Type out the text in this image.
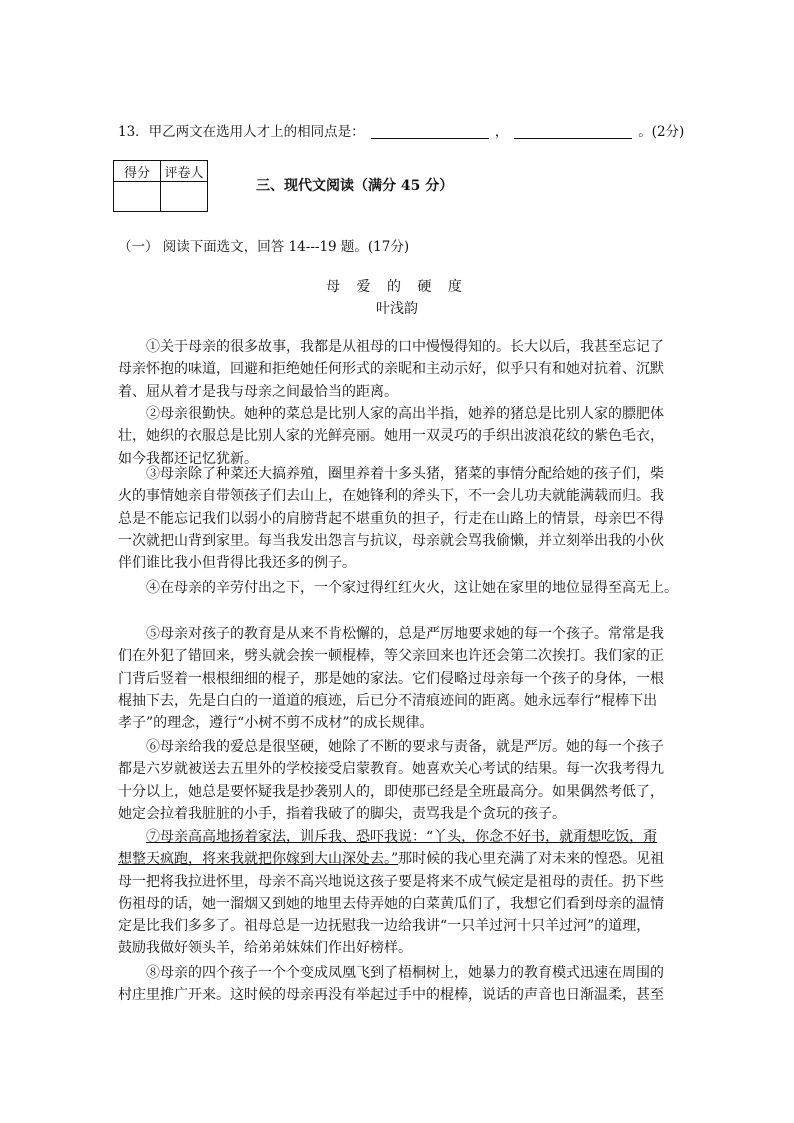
13．甲乙两文在选用人才上的相同点是：	，	。(2分)
得分	评卷人

三、现代文阅读（满分 45 分）
（一） 阅读下面选文，回答 14---19 题。(17分)
母 爱 的 硬 度
叶浅韵
①关于母亲的很多故事，我都是从祖母的口中慢慢得知的。长大以后，我甚至忘记了
母亲怀抱的味道，回避和拒绝她任何形式的亲昵和主动示好，似乎只有和她对抗着、沉默
着、屈从着才是我与母亲之间最恰当的距离。
②母亲很勤快。她种的菜总是比别人家的高出半指，她养的猪总是比别人家的膘肥体
壮，她织的衣服总是比别人家的光鲜亮丽。她用一双灵巧的手织出波浪花纹的紫色毛衣，
如今我都还记忆犹新。
③母亲除了种菜还大搞养殖，圈里养着十多头猪，猪菜的事情分配给她的孩子们，柴
火的事情她亲自带领孩子们去山上，在她锋利的斧头下，不一会儿功夫就能满载而归。我
总是不能忘记我们以弱小的肩膀背起不堪重负的担子，行走在山路上的情景，母亲巴不得
一次就把山背到家里。每当我发出怨言与抗议，母亲就会骂我偷懒，并立刻举出我的小伙
伴们谁比我小但背得比我还多的例子。
④在母亲的辛劳付出之下，一个家过得红红火火，这让她在家里的地位显得至高无上。
⑤母亲对孩子的教育是从来不肯松懈的，总是严厉地要求她的每一个孩子。常常是我
们在外犯了错回来，劈头就会挨一顿棍棒，等父亲回来也许还会第二次挨打。我们家的正
门背后竖着一根根细细的棍子，那是她的家法。它们侵略过母亲每一个孩子的身体，一根
棍抽下去，先是白白的一道道的痕迹，后已分不清痕迹间的距离。她永远奉行“棍棒下出
孝子”的理念，遵行“小树不剪不成材”的成长规律。
⑥母亲给我的爱总是很坚硬，她除了不断的要求与责备，就是严厉。她的每一个孩子
都是六岁就被送去五里外的学校接受启蒙教育。她喜欢关心考试的结果。每一次我考得九
十分以上，她总是要怀疑我是抄袭别人的，即使那已经是全班最高分。如果偶然考低了，
她定会拉着我脏脏的小手，指着我破了的脚尖，责骂我是个贪玩的孩子。
⑦母亲高高地扬着家法，训斥我、恐吓我说：“丫头，你念不好书，就甭想吃饭，甭
想整天疯跑，将来我就把你嫁到大山深处去。”那时候的我心里充满了对未来的惶恐。见祖
母一把将我拉进怀里，母亲不高兴地说这孩子要是将来不成气候定是祖母的责任。扔下些
伤祖母的话，她一溜烟又到她的地里去侍弄她的白菜黄瓜们了，我想它们看到母亲的温情
定是比我们多多了。祖母总是一边抚慰我一边给我讲“一只羊过河十只羊过河”的道理，
鼓励我做好领头羊，给弟弟妹妹们作出好榜样。
⑧母亲的四个孩子一个个变成凤凰飞到了梧桐树上，她暴力的教育模式迅速在周围的
村庄里推广开来。这时候的母亲再没有举起过手中的棍棒，说话的声音也日渐温柔，甚至
